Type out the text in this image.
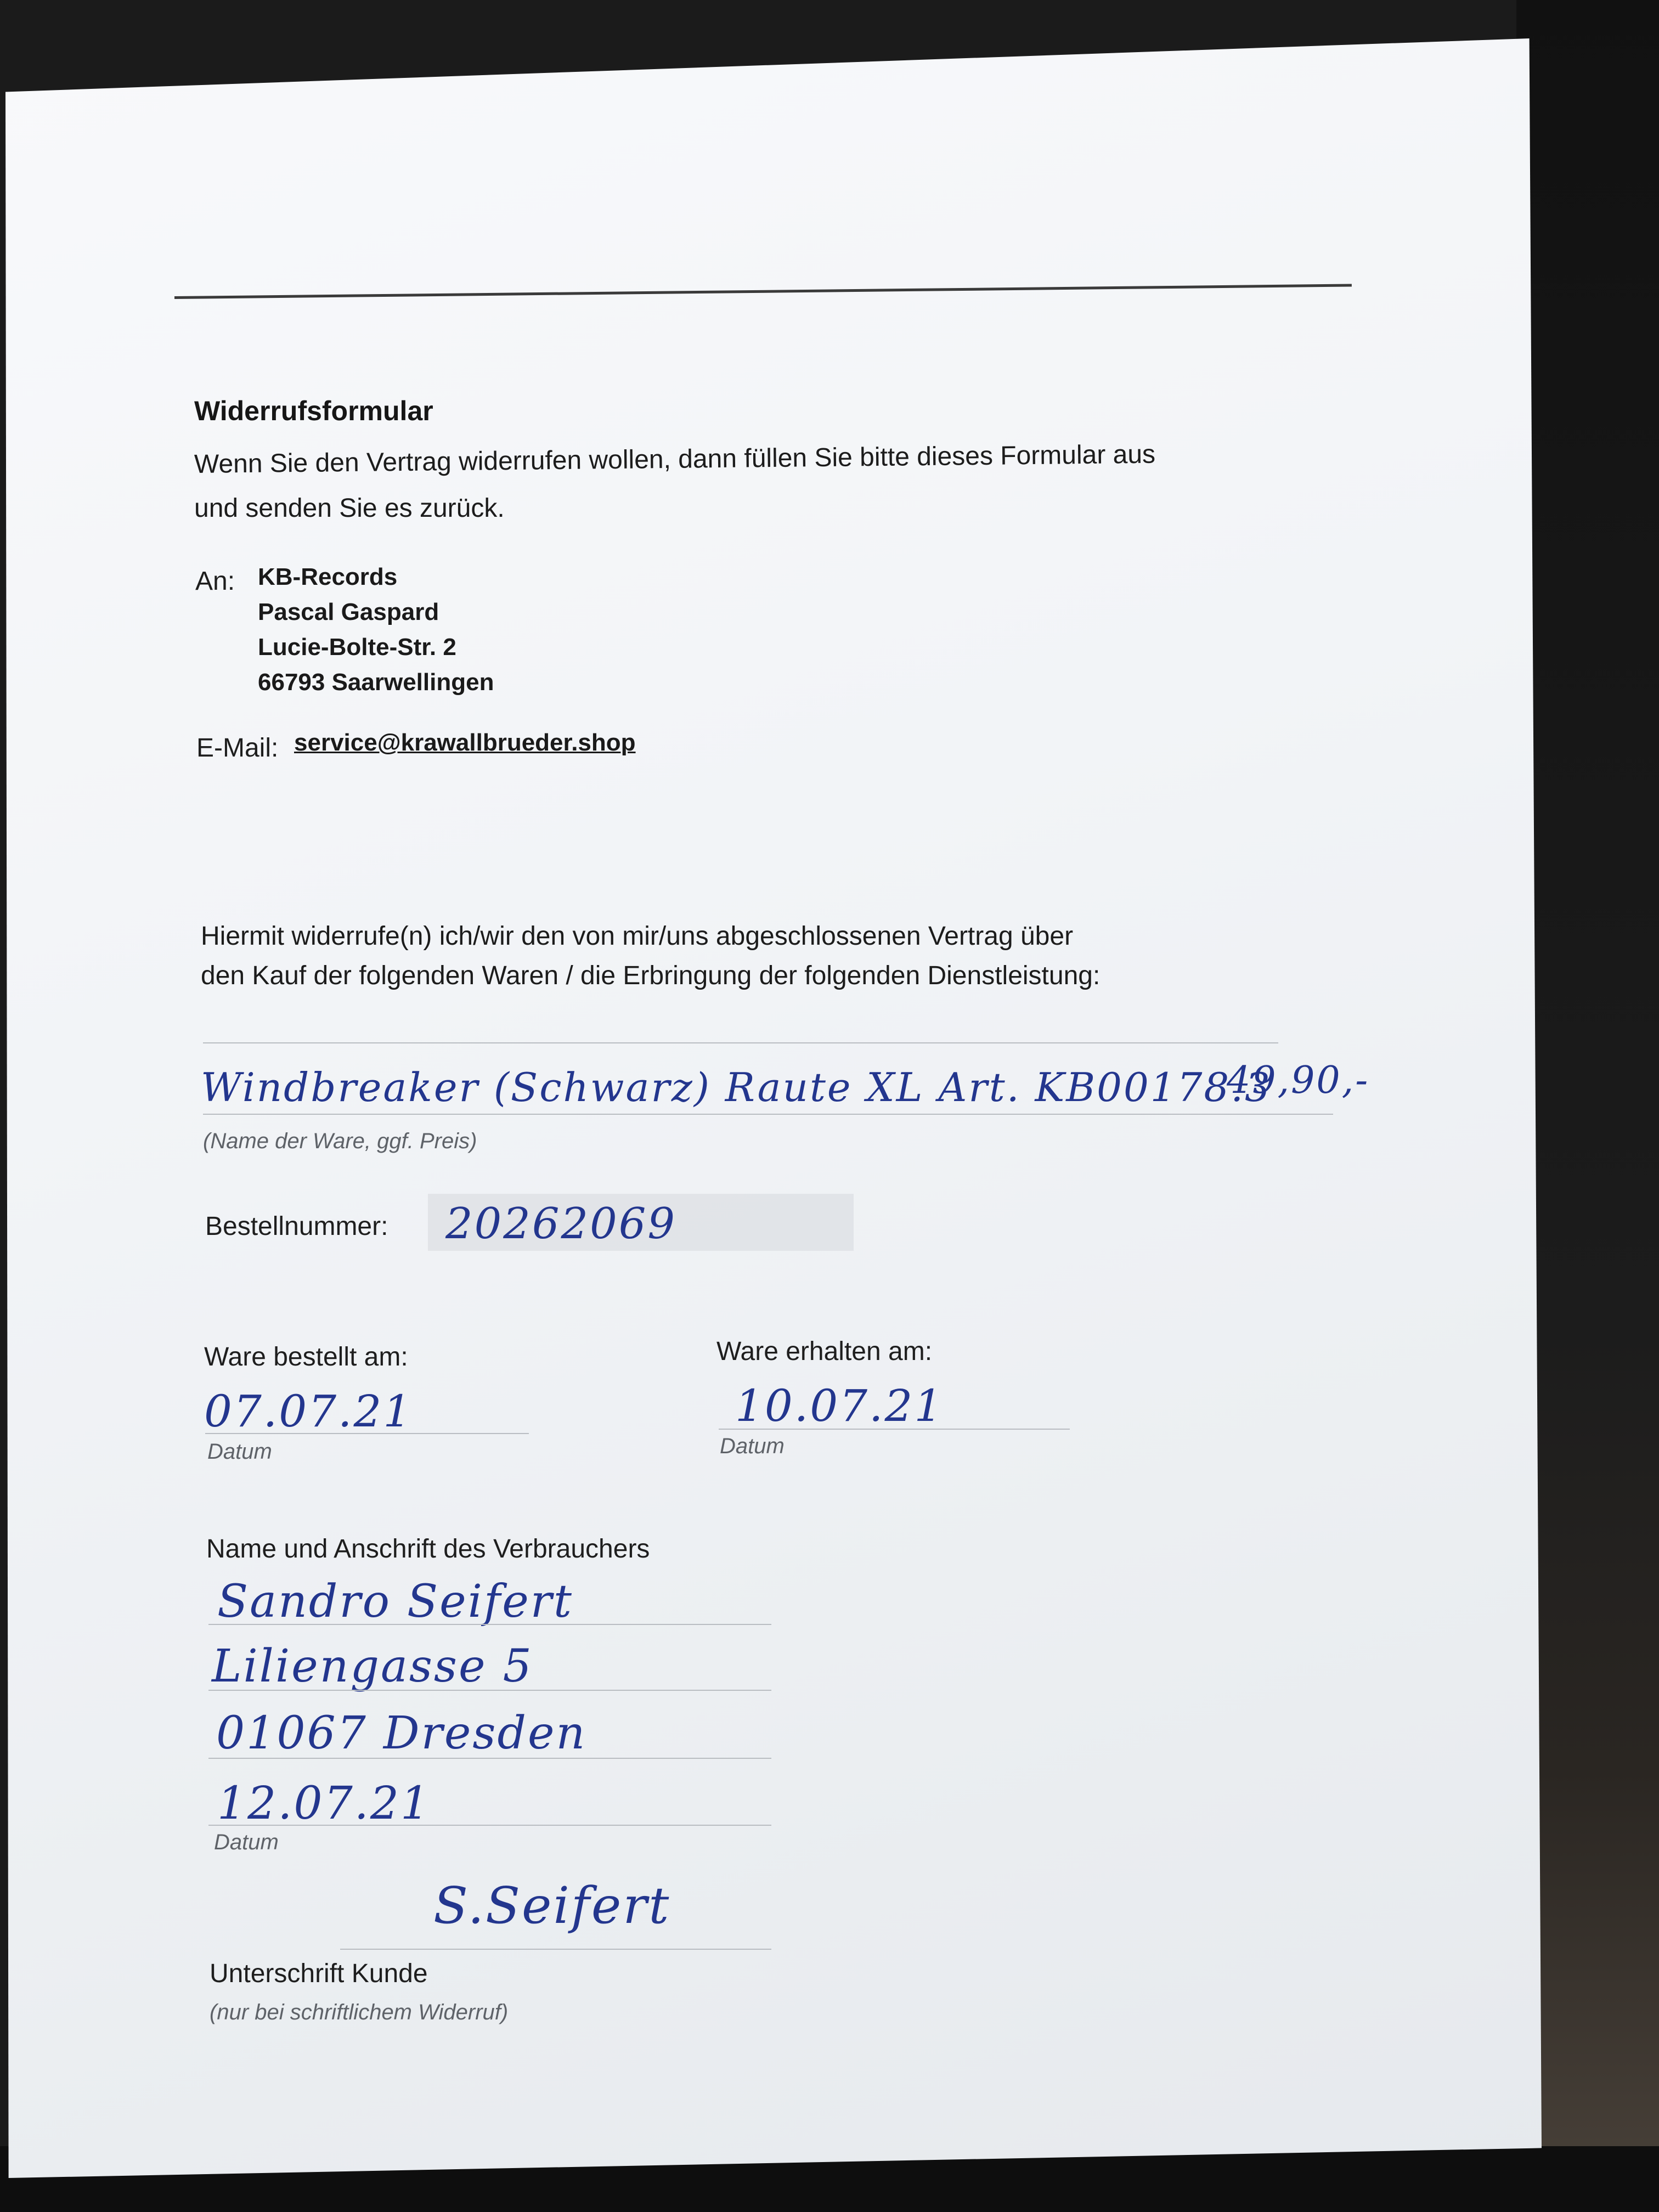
Widerrufsformular
Wenn Sie den Vertrag widerrufen wollen, dann füllen Sie bitte dieses Formular aus
und senden Sie es zurück.
An: KB-Records
Pascal Gaspard
Lucie-Bolte-Str. 2
66793 Saarwellingen
E-Mail: service@krawallbrueder.shop
Hiermit widerrufe(n) ich/wir den von mir/uns abgeschlossenen Vertrag über
den Kauf der folgenden Waren / die Erbringung der folgenden Dienstleistung:
Windbreaker (Schwarz) Raute XL Art. KB00178.3
49,90,-
(Name der Ware, ggf. Preis)
Bestellnummer: 20262069
Ware bestellt am:	Ware erhalten am:
07.07.21	10.07.21
Datum	Datum
Name und Anschrift des Verbrauchers
Sandro Seifert
Liliengasse 5
01067 Dresden
12.07.21
Datum
S.Seifert
Unterschrift Kunde
(nur bei schriftlichem Widerruf)
